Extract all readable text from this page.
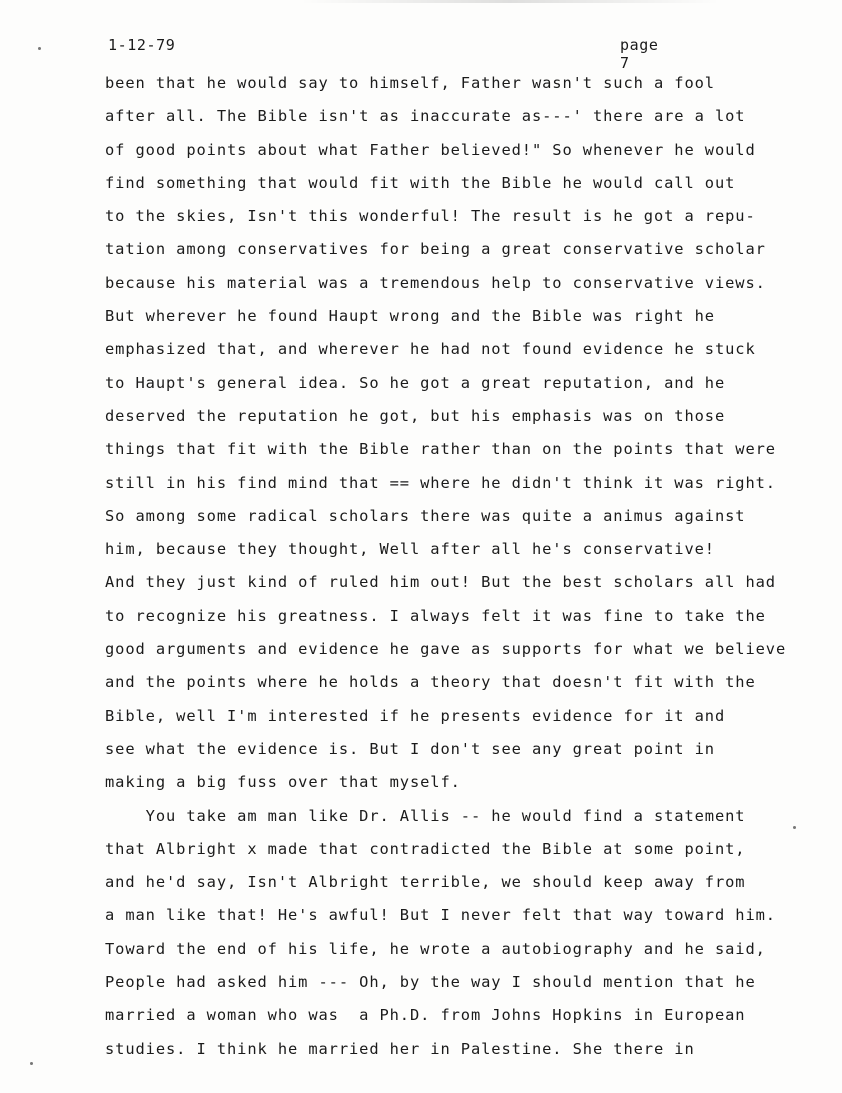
1-12-79	page 7
been that he would say to himself, Father wasn't such a fool
after all. The Bible isn't as inaccurate as---' there are a lot
of good points about what Father believed!" So whenever he would
find something that would fit with the Bible he would call out
to the skies, Isn't this wonderful! The result is he got a repu-
tation among conservatives for being a great conservative scholar
because his material was a tremendous help to conservative views.
But wherever he found Haupt wrong and the Bible was right he
emphasized that, and wherever he had not found evidence he stuck
to Haupt's general idea. So he got a great reputation, and he
deserved the reputation he got, but his emphasis was on those
things that fit with the Bible rather than on the points that were
still in his find mind that == where he didn't think it was right.
So among some radical scholars there was quite a animus against
him, because they thought, Well after all he's conservative!
And they just kind of ruled him out! But the best scholars all had
to recognize his greatness. I always felt it was fine to take the
good arguments and evidence he gave as supports for what we believe
and the points where he holds a theory that doesn't fit with the
Bible, well I'm interested if he presents evidence for it and
see what the evidence is. But I don't see any great point in
making a big fuss over that myself.
You take am man like Dr. Allis -- he would find a statement
that Albright x made that contradicted the Bible at some point,
and he'd say, Isn't Albright terrible, we should keep away from
a man like that! He's awful! But I never felt that way toward him.
Toward the end of his life, he wrote a autobiography and he said,
People had asked him --- Oh, by the way I should mention that he
married a woman who was  a Ph.D. from Johns Hopkins in European
studies. I think he married her in Palestine. She there in
